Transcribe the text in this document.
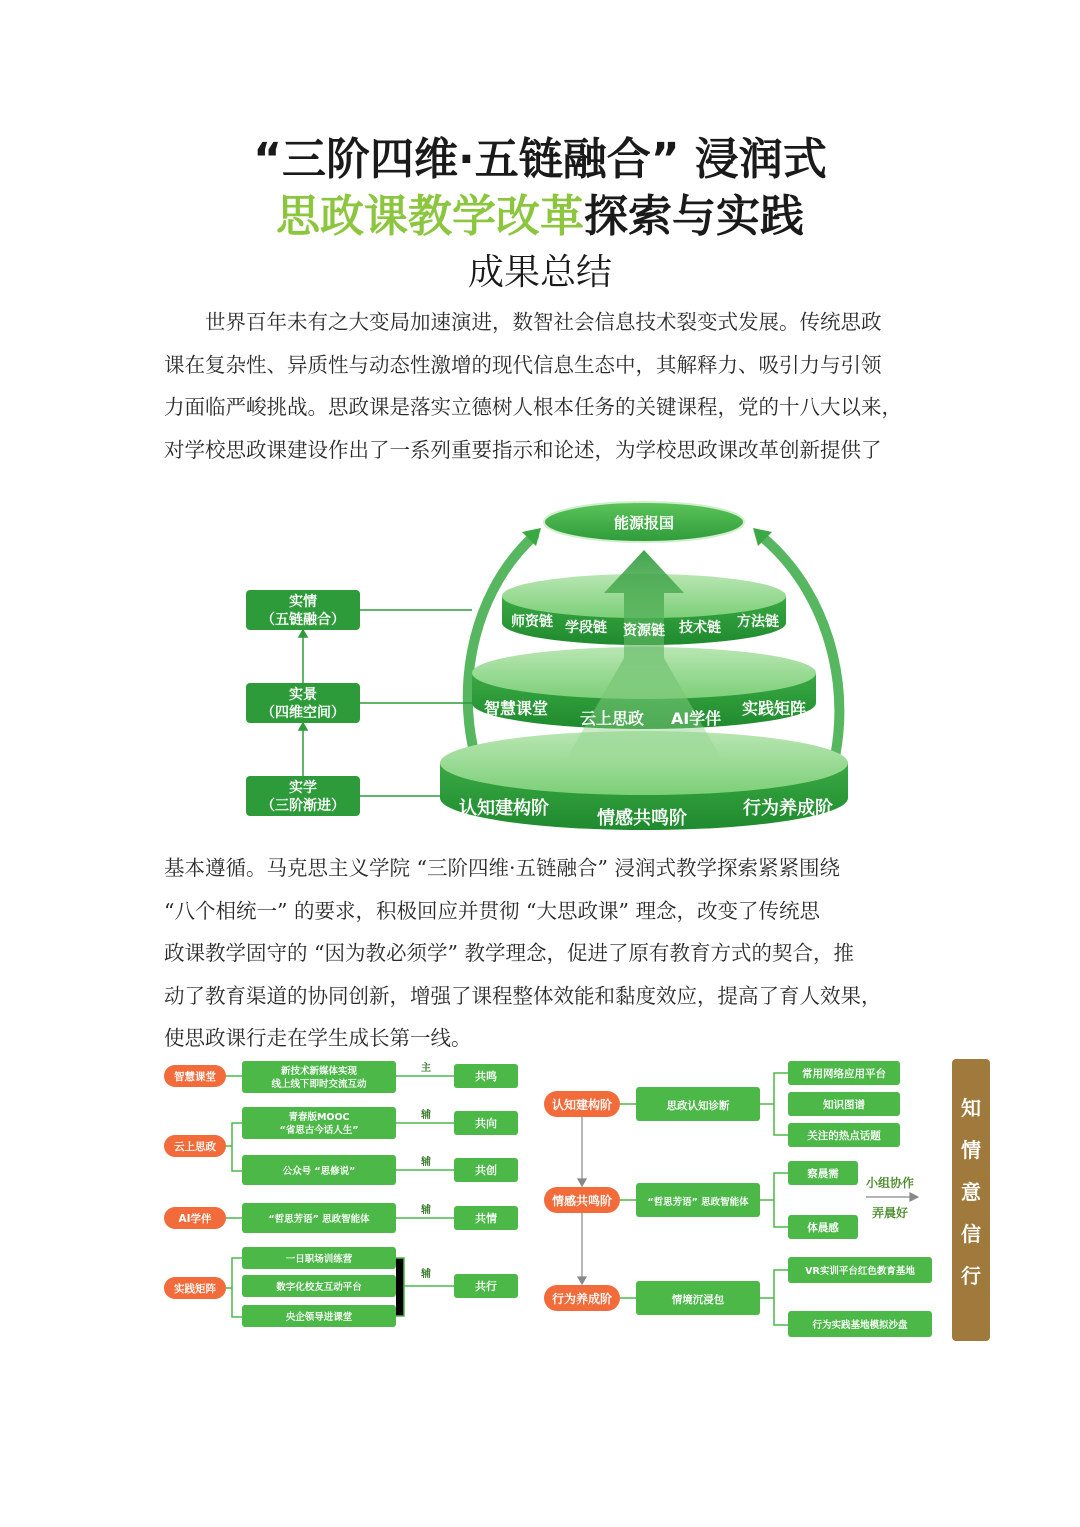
“三阶四维·五链融合” 浸润式
思政课教学改革探索与实践
成果总结
　　世界百年未有之大变局加速演进，数智社会信息技术裂变式发展。传统思政
课在复杂性、异质性与动态性激增的现代信息生态中，其解释力、吸引力与引领
力面临严峻挑战。思政课是落实立德树人根本任务的关键课程，党的十八大以来，
对学校思政课建设作出了一系列重要指示和论述，为学校思政课改革创新提供了
能源报国
师资链 学段链 资源链 技术链 方法链
智慧课堂
云上思政 AI学伴
实践矩阵
认知建构阶	情感共鸣阶	行为养成阶
实情
（五链融合）
实景
（四维空间）
实学
（三阶渐进）
基本遵循。马克思主义学院 “三阶四维·五链融合” 浸润式教学探索紧紧围绕
“八个相统一” 的要求，积极回应并贯彻 “大思政课” 理念，改变了传统思
政课教学固守的 “因为教必须学” 教学理念，促进了原有教育方式的契合，推
动了教育渠道的协同创新，增强了课程整体效能和黏度效应，提高了育人效果，
使思政课行走在学生成长第一线。
智慧课堂
云上思政
AI学伴
实践矩阵
新技术新媒体实现
线上线下即时交流互动
青春版MOOC
“省思古今话人生”
公众号 “思修说”
“哲思芳语” 思政智能体
一日职场训练营
数字化校友互动平台
央企领导进课堂
主
辅
辅
辅
辅
共鸣
共向
共创
共情
共行
认知建构阶
情感共鸣阶
行为养成阶
思政认知诊断
“哲思芳语” 思政智能体
情境沉浸包
常用网络应用平台
知识图谱
关注的热点话题
察晨需
体晨感
VR实训平台红色教育基地
行为实践基地模拟沙盘
小组协作
弄晨好
知
情
意
信
行
